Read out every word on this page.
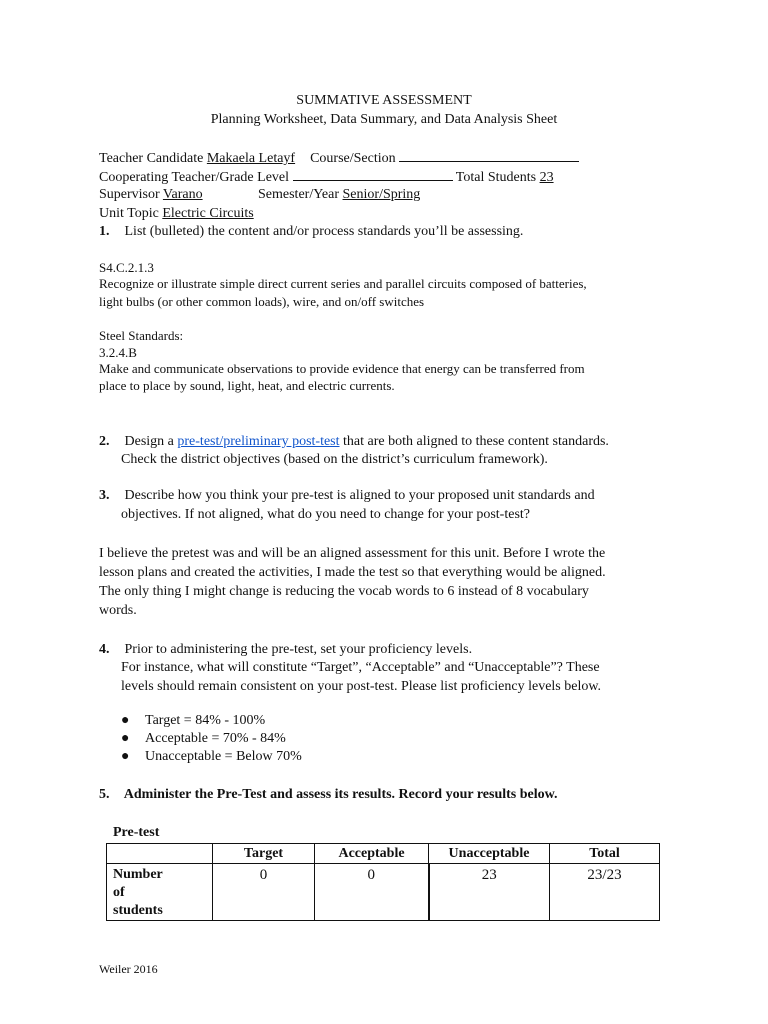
SUMMATIVE ASSESSMENT
Planning Worksheet, Data Summary, and Data Analysis Sheet
Teacher Candidate Makaela Letayf Course/Section
Cooperating Teacher/Grade Level	Total Students 23
Supervisor Varano	Semester/Year Senior/Spring
Unit Topic Electric Circuits
1. List (bulleted) the content and/or process standards you’ll be assessing.
S4.C.2.1.3
Recognize or illustrate simple direct current series and parallel circuits composed of batteries,
light bulbs (or other common loads), wire, and on/off switches
Steel Standards:
3.2.4.B
Make and communicate observations to provide evidence that energy can be transferred from
place to place by sound, light, heat, and electric currents.
2. Design a pre-test/preliminary post-test that are both aligned to these content standards.
Check the district objectives (based on the district’s curriculum framework).
3. Describe how you think your pre-test is aligned to your proposed unit standards and
objectives. If not aligned, what do you need to change for your post-test?
I believe the pretest was and will be an aligned assessment for this unit. Before I wrote the
lesson plans and created the activities, I made the test so that everything would be aligned.
The only thing I might change is reducing the vocab words to 6 instead of 8 vocabulary
words.
4. Prior to administering the pre-test, set your proficiency levels.
For instance, what will constitute “Target”, “Acceptable” and “Unacceptable”? These
levels should remain consistent on your post-test. Please list proficiency levels below.
● Target = 84% - 100%
● Acceptable = 70% - 84%
● Unacceptable = Below 70%
5. Administer the Pre-Test and assess its results. Record your results below.
Pre-test
	Target	Acceptable	Unacceptable	Total

Number
of
students	0	0	23	23/23
Weiler 2016
